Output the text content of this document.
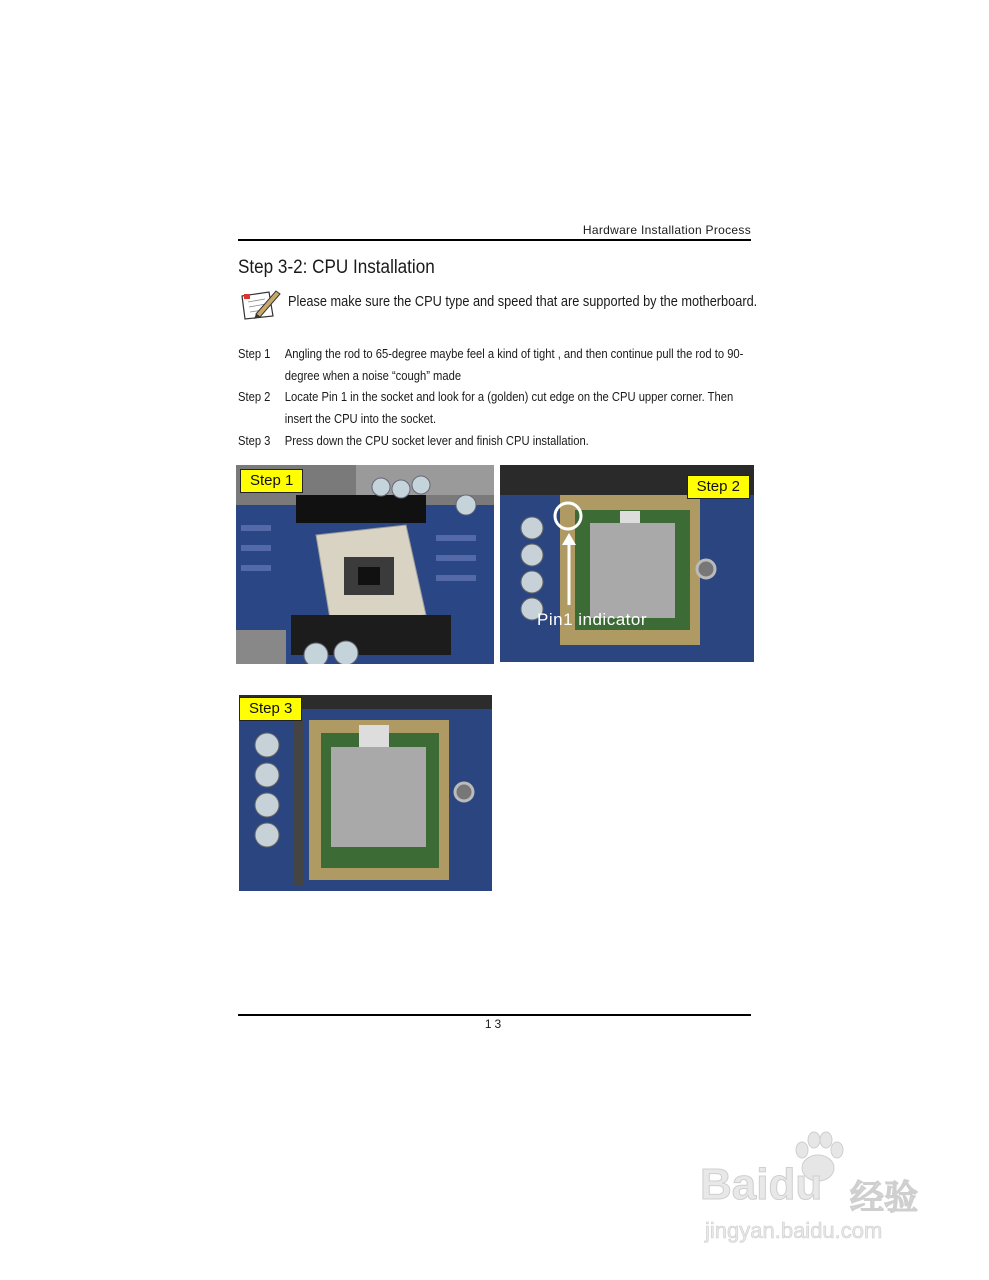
Hardware Installation Process
Step 3-2: CPU Installation
Please make sure the CPU type and speed that are supported by the motherboard.
Step 1	Angling the rod to 65-degree maybe feel a kind of tight , and then continue pull the rod to 90-degree when a noise “cough” made
Step 2	Locate Pin 1 in the socket and look for a (golden) cut edge on the CPU upper corner. Then insert the CPU into the socket.
Step 3	Press down the CPU socket lever and finish CPU installation.
Step 1	Step 2
Pin1 indicator
Step 3
13
Baidu 经验
jingyan.baidu.com
